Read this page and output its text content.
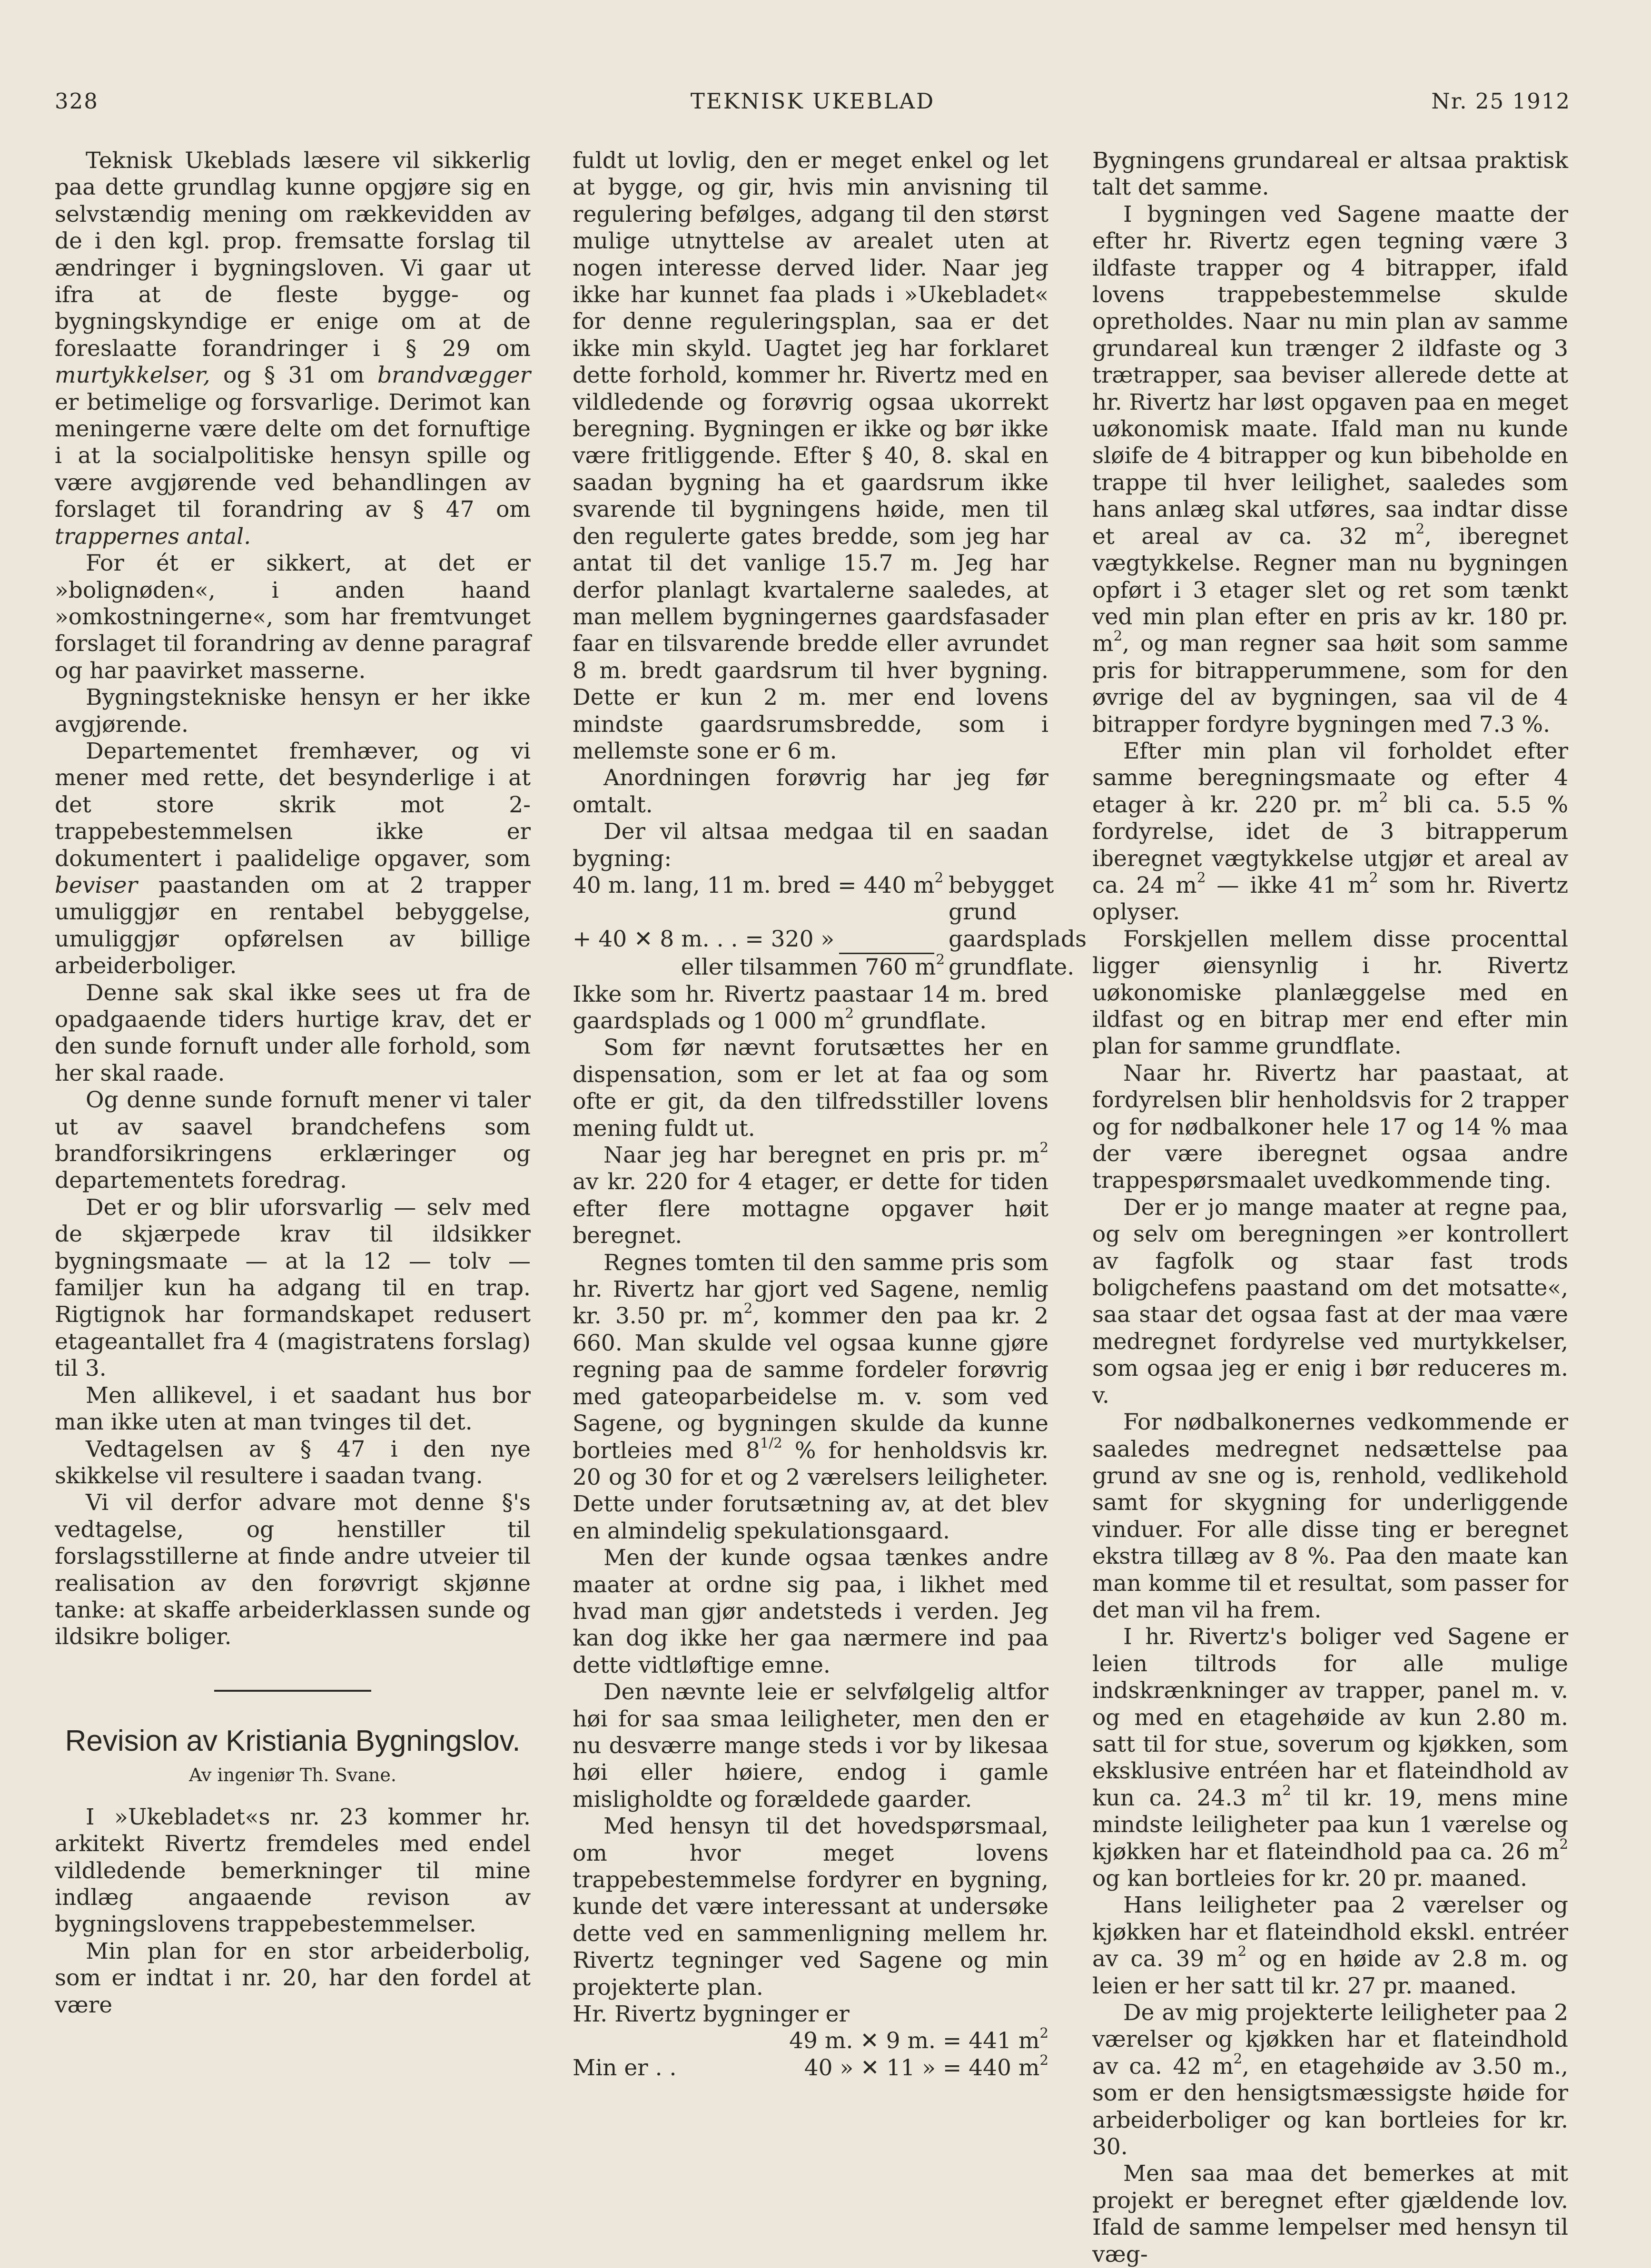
328	TEKNISK UKEBLAD	Nr. 25 1912

Teknisk Ukeblads læsere vil sikkerlig paa dette grundlag kunne opgjøre sig en selvstændig mening om rækkevidden av de i den kgl. prop. fremsatte forslag til ændringer i bygningsloven. Vi gaar ut ifra at de fleste bygge- og bygningskyndige er enige om at de foreslaatte forandringer i § 29 om murtykkelser, og § 31 om brandvægger er betimelige og forsvarlige. Derimot kan meningerne være delte om det fornuftige i at la socialpolitiske hensyn spille og være avgjørende ved behandlingen av forslaget til forandring av § 47 om trappernes antal.

For ét er sikkert, at det er »bolignøden«, i anden haand »omkostningerne«, som har fremtvunget forslaget til forandring av denne paragraf og har paavirket masserne.

Bygningstekniske hensyn er her ikke avgjørende.

Departementet fremhæver, og vi mener med rette, det besynderlige i at det store skrik mot 2-trappebestemmelsen ikke er dokumentert i paalidelige opgaver, som beviser paastanden om at 2 trapper umuliggjør en rentabel bebyggelse, umuliggjør opførelsen av billige arbeiderboliger.

Denne sak skal ikke sees ut fra de opadgaaende tiders hurtige krav, det er den sunde fornuft under alle forhold, som her skal raade.

Og denne sunde fornuft mener vi taler ut av saavel brandchefens som brandforsikringens erklæringer og departementets foredrag.

Det er og blir uforsvarlig — selv med de skjærpede krav til ildsikker bygningsmaate — at la 12 — tolv — familjer kun ha adgang til en trap. Rigtignok har formandskapet redusert etageantallet fra 4 (magistratens forslag) til 3.

Men allikevel, i et saadant hus bor man ikke uten at man tvinges til det.

Vedtagelsen av § 47 i den nye skikkelse vil resultere i saadan tvang.

Vi vil derfor advare mot denne §'s vedtagelse, og henstiller til forslagsstillerne at finde andre utveier til realisation av den forøvrigt skjønne tanke: at skaffe arbeiderklassen sunde og ildsikre boliger.

Revision av Kristiania Bygningslov.
Av ingeniør Th. Svane.

I »Ukebladet«s nr. 23 kommer hr. arkitekt Rivertz fremdeles med endel vildledende bemerkninger til mine indlæg angaaende revison av bygningslovens trappebestemmelser.

Min plan for en stor arbeiderbolig, som er indtat i nr. 20, har den fordel at være

fuldt ut lovlig, den er meget enkel og let at bygge, og gir, hvis min anvisning til regulering befølges, adgang til den størst mulige utnyttelse av arealet uten at nogen interesse derved lider. Naar jeg ikke har kunnet faa plads i »Ukebladet« for denne reguleringsplan, saa er det ikke min skyld. Uagtet jeg har forklaret dette forhold, kommer hr. Rivertz med en vildledende og forøvrig ogsaa ukorrekt beregning. Bygningen er ikke og bør ikke være fritliggende. Efter § 40, 8. skal en saadan bygning ha et gaardsrum ikke svarende til bygningens høide, men til den regulerte gates bredde, som jeg har antat til det vanlige 15.7 m. Jeg har derfor planlagt kvartalerne saaledes, at man mellem bygningernes gaardsfasader faar en tilsvarende bredde eller avrundet 8 m. bredt gaardsrum til hver bygning. Dette er kun 2 m. mer end lovens mindste gaardsrumsbredde, som i mellemste sone er 6 m.

Anordningen forøvrig har jeg før omtalt.

Der vil altsaa medgaa til en saadan bygning:

40 m. lang, 11 m. bred = 440 $m^2$ bebygget grund
+ 40 ✕ 8 m. . . = 320 »	gaardsplads
eller tilsammen 760 $m^2$ grundflate.

Ikke som hr. Rivertz paastaar 14 m. bred gaardsplads og 1 000 $m^2$ grundflate.

Som før nævnt forutsættes her en dispensation, som er let at faa og som ofte er git, da den tilfredsstiller lovens mening fuldt ut.

Naar jeg har beregnet en pris pr. $m^2$ av kr. 220 for 4 etager, er dette for tiden efter flere mottagne opgaver høit beregnet.

Regnes tomten til den samme pris som hr. Rivertz har gjort ved Sagene, nemlig kr. 3.50 pr. $m^2$, kommer den paa kr. 2 660. Man skulde vel ogsaa kunne gjøre regning paa de samme fordeler forøvrig med gateoparbeidelse m. v. som ved Sagene, og bygningen skulde da kunne bortleies med $8^{1/2}$ % for henholdsvis kr. 20 og 30 for et og 2 værelsers leiligheter. Dette under forutsætning av, at det blev en almindelig spekulationsgaard.

Men der kunde ogsaa tænkes andre maater at ordne sig paa, i likhet med hvad man gjør andetsteds i verden. Jeg kan dog ikke her gaa nærmere ind paa dette vidtløftige emne.

Den nævnte leie er selvfølgelig altfor høi for saa smaa leiligheter, men den er nu desværre mange steds i vor by likesaa høi eller høiere, endog i gamle misligholdte og forældede gaarder.

Med hensyn til det hovedspørsmaal, om hvor meget lovens trappebestemmelse fordyrer en bygning, kunde det være interessant at undersøke dette ved en sammenligning mellem hr. Rivertz tegninger ved Sagene og min projekterte plan.

Hr. Rivertz bygninger er

49 m. ✕ 9 m. = 441 $m^2$
Min er . .	40 » ✕ 11 » = 440 $m^2$

Bygningens grundareal er altsaa praktisk talt det samme.

I bygningen ved Sagene maatte der efter hr. Rivertz egen tegning være 3 ildfaste trapper og 4 bitrapper, ifald lovens trappebestemmelse skulde opretholdes. Naar nu min plan av samme grundareal kun trænger 2 ildfaste og 3 trætrapper, saa beviser allerede dette at hr. Rivertz har løst opgaven paa en meget uøkonomisk maate. Ifald man nu kunde sløife de 4 bitrapper og kun bibeholde en trappe til hver leilighet, saaledes som hans anlæg skal utføres, saa indtar disse et areal av ca. 32 $m^2$, iberegnet vægtykkelse. Regner man nu bygningen opført i 3 etager slet og ret som tænkt ved min plan efter en pris av kr. 180 pr. $m^2$, og man regner saa høit som samme pris for bitrapperummene, som for den øvrige del av bygningen, saa vil de 4 bitrapper fordyre bygningen med 7.3 %.

Efter min plan vil forholdet efter samme beregningsmaate og efter 4 etager à kr. 220 pr. $m^2$ bli ca. 5.5 % fordyrelse, idet de 3 bitrapperum iberegnet vægtykkelse utgjør et areal av ca. 24 $m^2$ — ikke 41 $m^2$ som hr. Rivertz oplyser.

Forskjellen mellem disse procenttal ligger øiensynlig i hr. Rivertz uøkonomiske planlæggelse med en ildfast og en bitrap mer end efter min plan for samme grundflate.

Naar hr. Rivertz har paastaat, at fordyrelsen blir henholdsvis for 2 trapper og for nødbalkoner hele 17 og 14 % maa der være iberegnet ogsaa andre trappespørsmaalet uvedkommende ting.

Der er jo mange maater at regne paa, og selv om beregningen »er kontrollert av fagfolk og staar fast trods boligchefens paastand om det motsatte«, saa staar det ogsaa fast at der maa være medregnet fordyrelse ved murtykkelser, som ogsaa jeg er enig i bør reduceres m. v.

For nødbalkonernes vedkommende er saaledes medregnet nedsættelse paa grund av sne og is, renhold, vedlikehold samt for skygning for underliggende vinduer. For alle disse ting er beregnet ekstra tillæg av 8 %. Paa den maate kan man komme til et resultat, som passer for det man vil ha frem.

I hr. Rivertz's boliger ved Sagene er leien tiltrods for alle mulige indskrænkninger av trapper, panel m. v. og med en etagehøide av kun 2.80 m. satt til for stue, soverum og kjøkken, som eksklusive entréen har et flateindhold av kun ca. 24.3 $m^2$ til kr. 19, mens mine mindste leiligheter paa kun 1 værelse og kjøkken har et flateindhold paa ca. 26 $m^2$ og kan bortleies for kr. 20 pr. maaned.

Hans leiligheter paa 2 værelser og kjøkken har et flateindhold ekskl. entréer av ca. 39 $m^2$ og en høide av 2.8 m. og leien er her satt til kr. 27 pr. maaned.

De av mig projekterte leiligheter paa 2 værelser og kjøkken har et flateindhold av ca. 42 $m^2$, en etagehøide av 3.50 m., som er den hensigtsmæssigste høide for arbeiderboliger og kan bortleies for kr. 30.

Men saa maa det bemerkes at mit projekt er beregnet efter gjældende lov. Ifald de samme lempelser med hensyn til væg-
